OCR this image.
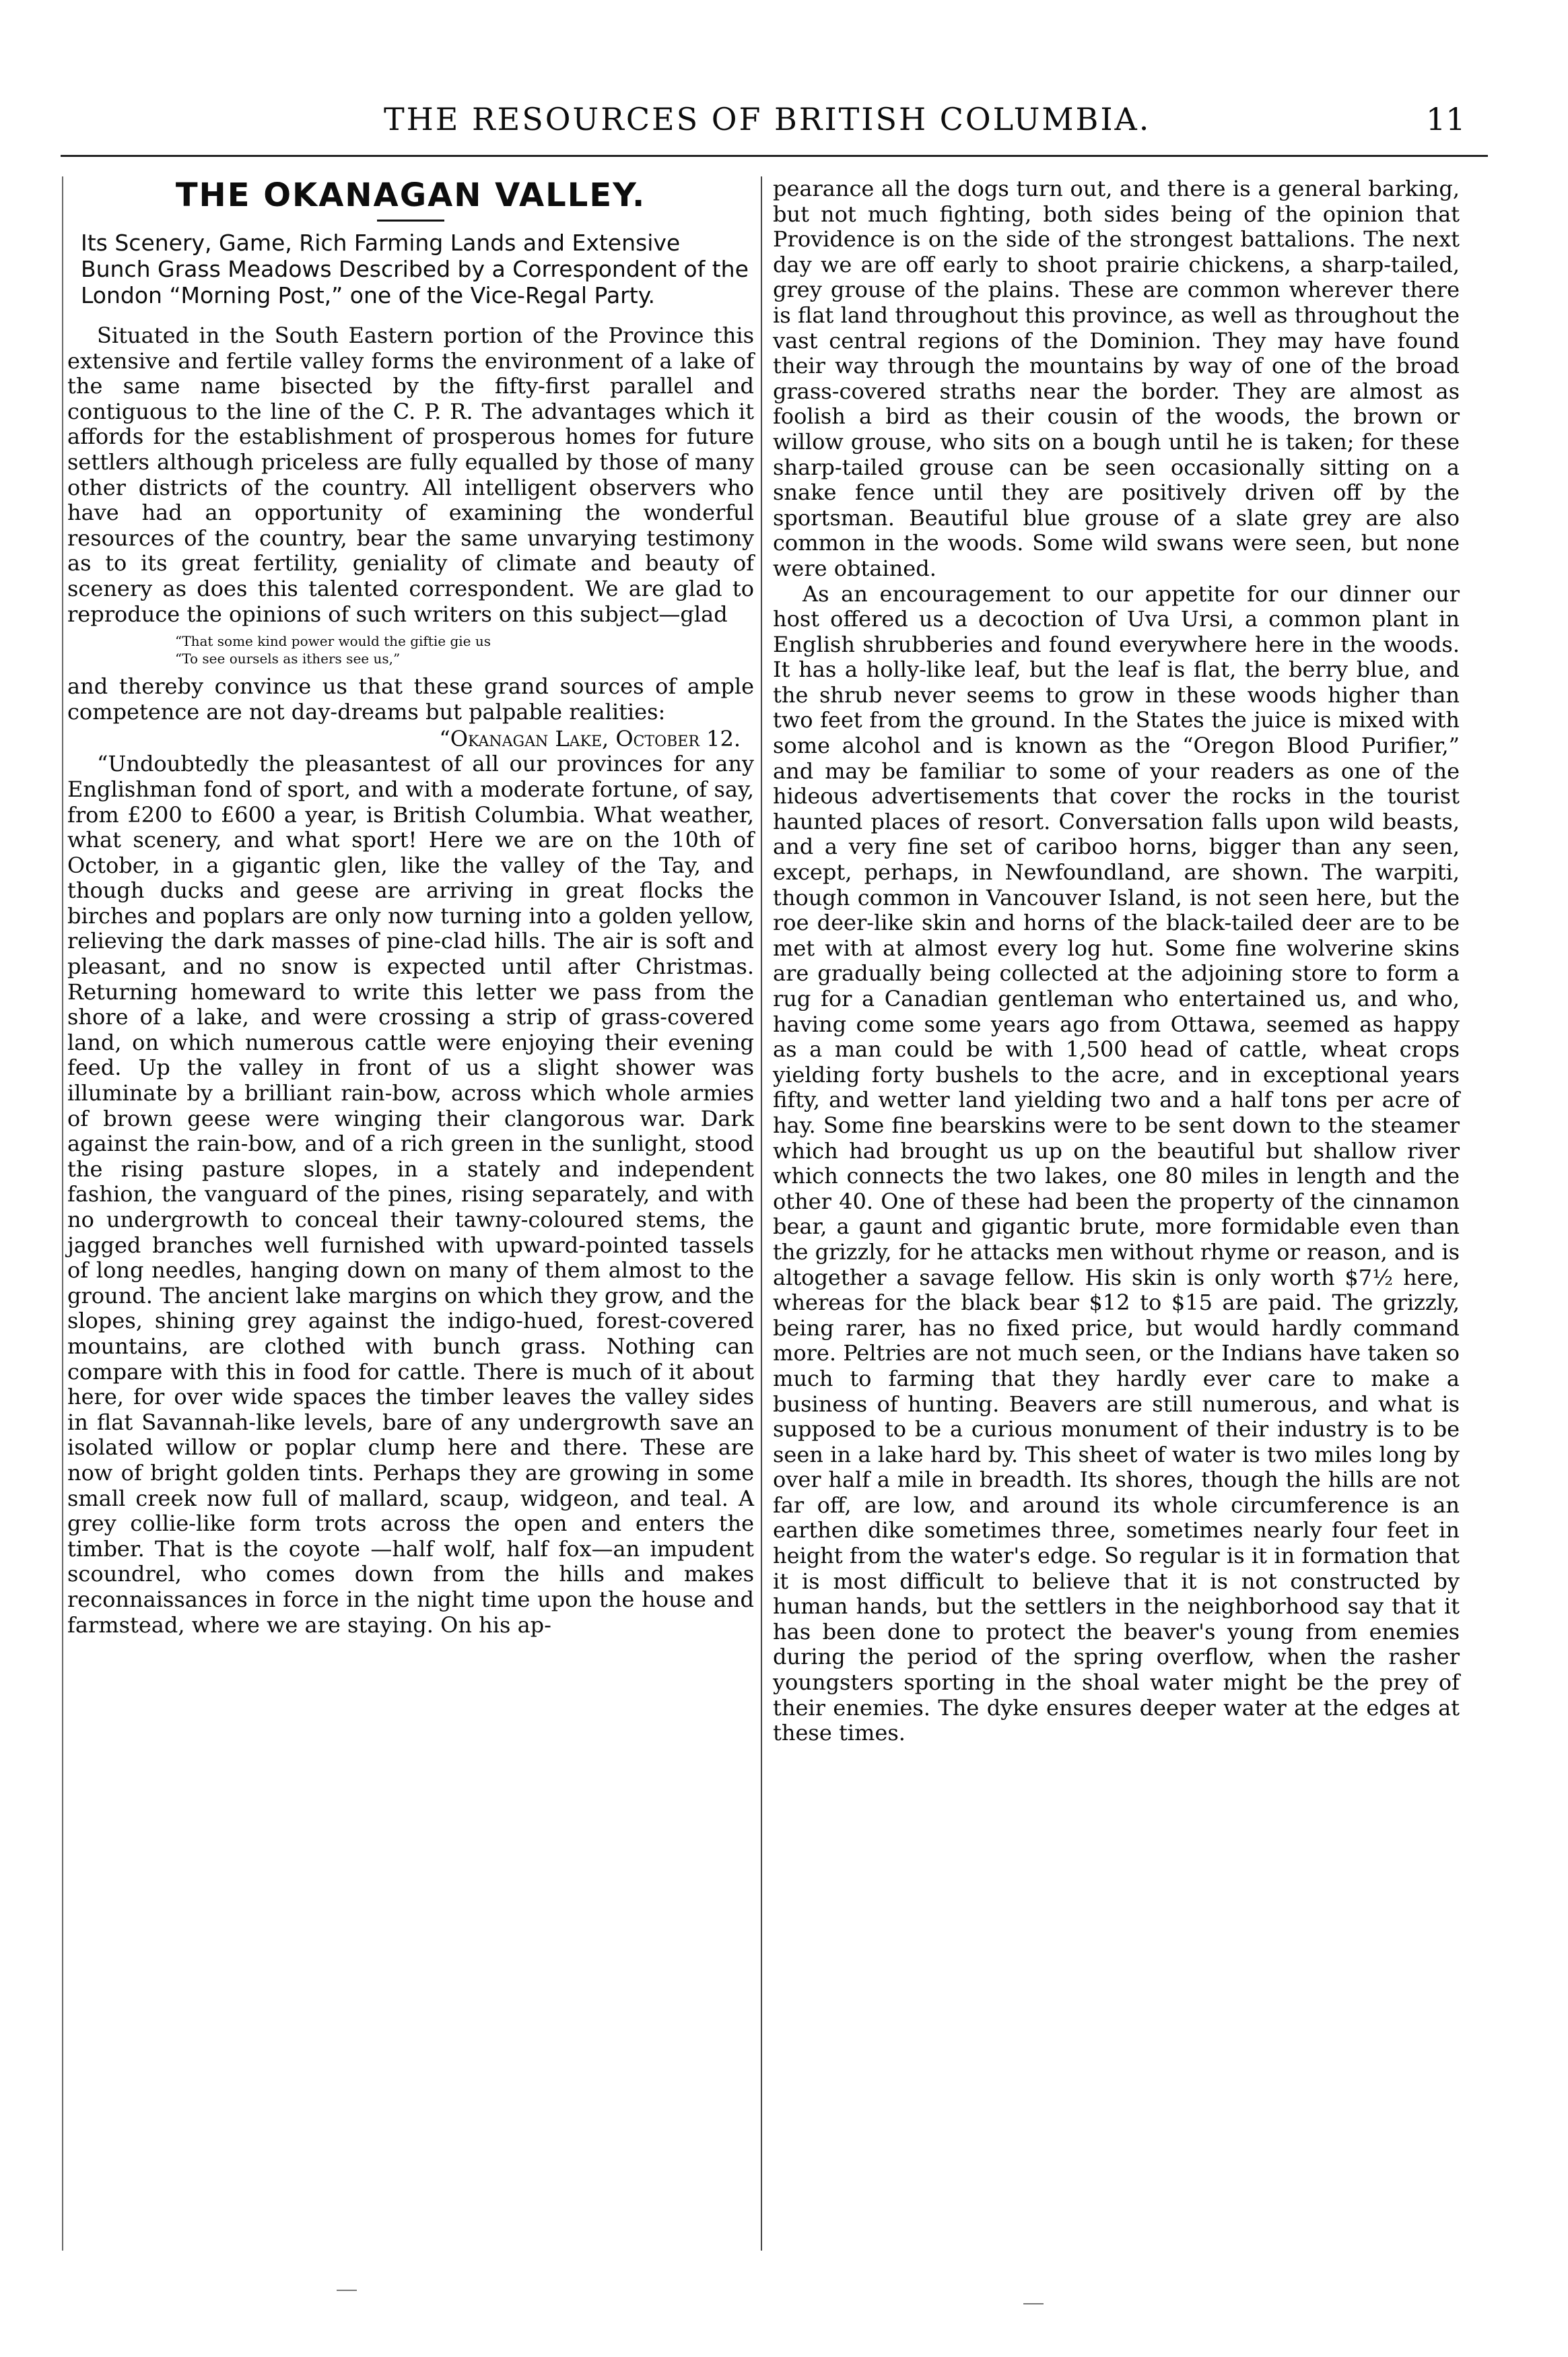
THE RESOURCES OF BRITISH COLUMBIA.	11
THE OKANAGAN VALLEY.

Its Scenery, Game, Rich Farming Lands and Extensive Bunch Grass Meadows Described by a Correspondent of the London “Morning Post,” one of the Vice-Regal Party.

Situated in the South Eastern portion of the Province this extensive and fertile valley forms the environment of a lake of the same name bisected by the fifty-first parallel and contiguous to the line of the C. P. R. The advantages which it affords for the establishment of prosperous homes for future settlers although priceless are fully equalled by those of many other districts of the country. All intelligent observers who have had an opportunity of examining the wonderful resources of the country, bear the same unvarying testimony as to its great fertility, geniality of climate and beauty of scenery as does this talented correspondent. We are glad to reproduce the opinions of such writers on this subject—glad

“That some kind power would the giftie gie us
“To see oursels as ithers see us,”

and thereby convince us that these grand sources of ample competence are not day-dreams but palpable realities:

“Okanagan Lake, October 12.

“Undoubtedly the pleasantest of all our provinces for any Englishman fond of sport, and with a moderate fortune, of say, from £200 to £600 a year, is British Columbia. What weather, what scenery, and what sport! Here we are on the 10th of October, in a gigantic glen, like the valley of the Tay, and though ducks and geese are arriving in great flocks the birches and poplars are only now turning into a golden yellow, relieving the dark masses of pine-clad hills. The air is soft and pleasant, and no snow is expected until after Christmas. Returning homeward to write this letter we pass from the shore of a lake, and were crossing a strip of grass-covered land, on which numerous cattle were enjoying their evening feed. Up the valley in front of us a slight shower was illuminate by a brilliant rain-bow, across which whole armies of brown geese were winging their clangorous war. Dark against the rain-bow, and of a rich green in the sunlight, stood the rising pasture slopes, in a stately and independent fashion, the vanguard of the pines, rising separately, and with no undergrowth to conceal their tawny-coloured stems, the jagged branches well furnished with upward-pointed tassels of long needles, hanging down on many of them almost to the ground. The ancient lake margins on which they grow, and the slopes, shining grey against the indigo-hued, forest-covered mountains, are clothed with bunch grass. Nothing can compare with this in food for cattle. There is much of it about here, for over wide spaces the timber leaves the valley sides in flat Savannah-like levels, bare of any undergrowth save an isolated willow or poplar clump here and there. These are now of bright golden tints. Perhaps they are growing in some small creek now full of mallard, scaup, widgeon, and teal. A grey collie-like form trots across the open and enters the timber. That is the coyote —half wolf, half fox—an impudent scoundrel, who comes down from the hills and makes reconnaissances in force in the night time upon the house and farmstead, where we are staying. On his ap-

pearance all the dogs turn out, and there is a general barking, but not much fighting, both sides being of the opinion that Providence is on the side of the strongest battalions. The next day we are off early to shoot prairie chickens, a sharp-tailed, grey grouse of the plains. These are common wherever there is flat land throughout this province, as well as throughout the vast central regions of the Dominion. They may have found their way through the mountains by way of one of the broad grass-covered straths near the border. They are almost as foolish a bird as their cousin of the woods, the brown or willow grouse, who sits on a bough until he is taken; for these sharp-tailed grouse can be seen occasionally sitting on a snake fence until they are positively driven off by the sportsman. Beautiful blue grouse of a slate grey are also common in the woods. Some wild swans were seen, but none were obtained.

As an encouragement to our appetite for our dinner our host offered us a decoction of Uva Ursi, a common plant in English shrubberies and found everywhere here in the woods. It has a holly-like leaf, but the leaf is flat, the berry blue, and the shrub never seems to grow in these woods higher than two feet from the ground. In the States the juice is mixed with some alcohol and is known as the “Oregon Blood Purifier,” and may be familiar to some of your readers as one of the hideous advertisements that cover the rocks in the tourist haunted places of resort. Conversation falls upon wild beasts, and a very fine set of cariboo horns, bigger than any seen, except, perhaps, in Newfoundland, are shown. The warpiti, though common in Vancouver Island, is not seen here, but the roe deer-like skin and horns of the black-tailed deer are to be met with at almost every log hut. Some fine wolverine skins are gradually being collected at the adjoining store to form a rug for a Canadian gentleman who entertained us, and who, having come some years ago from Ottawa, seemed as happy as a man could be with 1,500 head of cattle, wheat crops yielding forty bushels to the acre, and in exceptional years fifty, and wetter land yielding two and a half tons per acre of hay. Some fine bearskins were to be sent down to the steamer which had brought us up on the beautiful but shallow river which connects the two lakes, one 80 miles in length and the other 40. One of these had been the property of the cinnamon bear, a gaunt and gigantic brute, more formidable even than the grizzly, for he attacks men without rhyme or reason, and is altogether a savage fellow. His skin is only worth $7½ here, whereas for the black bear $12 to $15 are paid. The grizzly, being rarer, has no fixed price, but would hardly command more. Peltries are not much seen, or the Indians have taken so much to farming that they hardly ever care to make a business of hunting. Beavers are still numerous, and what is supposed to be a curious monument of their industry is to be seen in a lake hard by. This sheet of water is two miles long by over half a mile in breadth. Its shores, though the hills are not far off, are low, and around its whole circumference is an earthen dike sometimes three, sometimes nearly four feet in height from the water's edge. So regular is it in formation that it is most difficult to believe that it is not constructed by human hands, but the settlers in the neighborhood say that it has been done to protect the beaver's young from enemies during the period of the spring overflow, when the rasher youngsters sporting in the shoal water might be the prey of their enemies. The dyke ensures deeper water at the edges at these times.
